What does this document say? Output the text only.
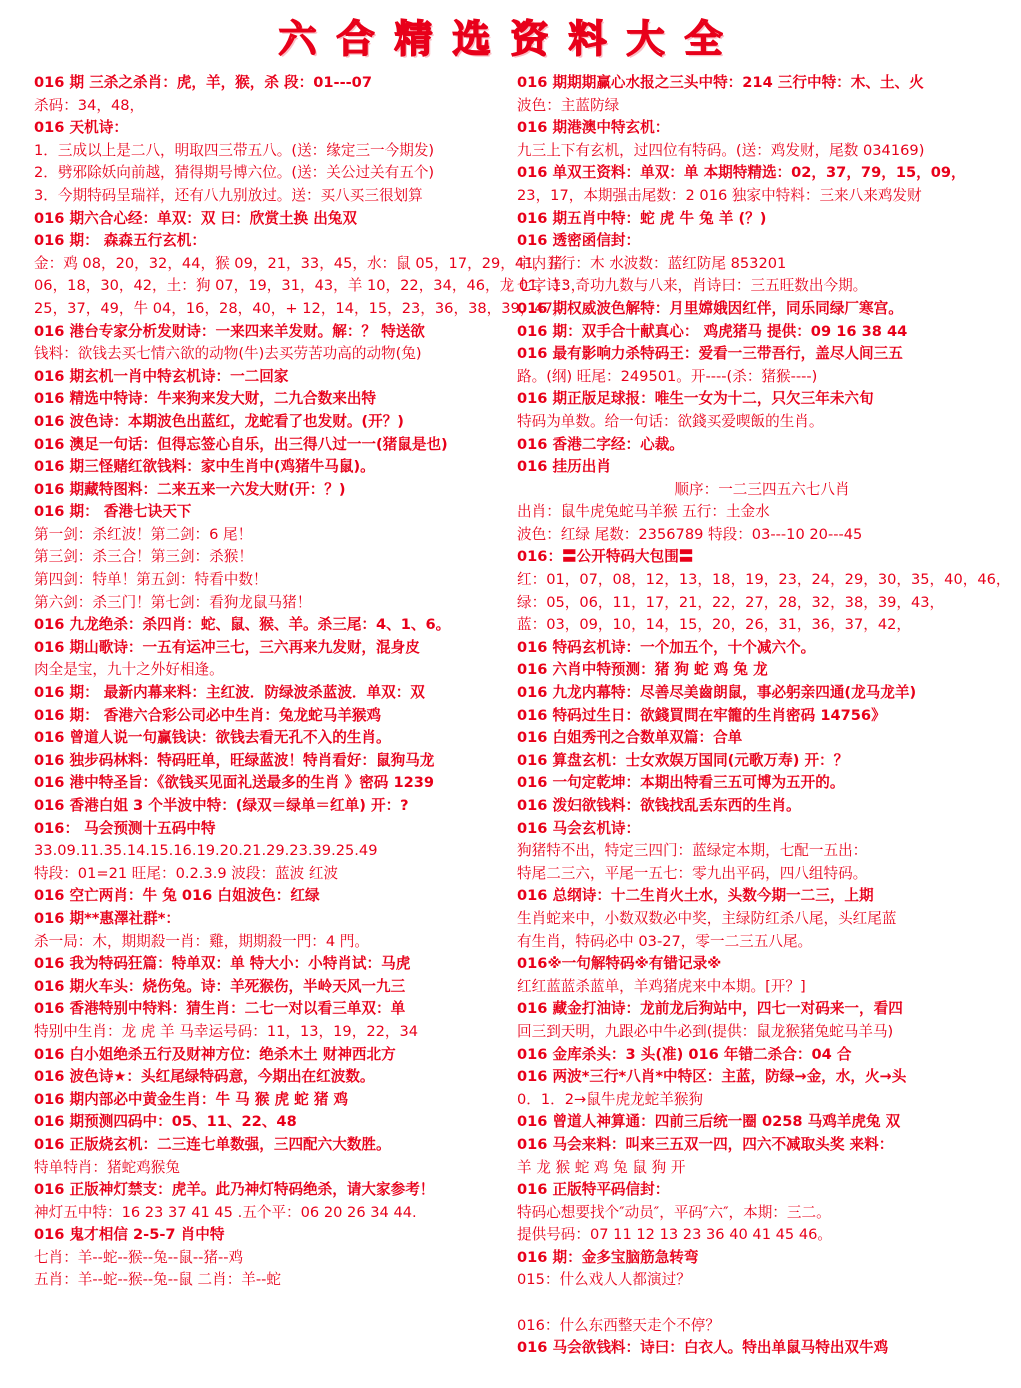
六合精选资料大全
016 期 三杀之杀肖：虎，羊，猴，杀 段：01---07
杀码：34，48，
016 天机诗：
1．三成以上是二八，明取四三带五八。(送：缘定三一今期发)
2．劈邪除妖向前越，猜得期号博六位。(送：关公过关有五个)
3．今期特码呈瑞祥，还有八九别放过。送：买八买三很划算
016 期六合心经：单双：双 曰：欣赏土换 出兔双
016 期： 森森五行玄机：
金：鸡 08，20，32，44，猴 09，21，33，45，水：鼠 05，17，29，41，猪
06，18，30，42，土：狗 07，19，31，43，羊 10，22，34，46，龙 01，13，
25，37，49，牛 04，16，28，40，+ 12，14，15，23，36，38，39，47，
016 港台专家分析发财诗：一来四来羊发财。解：？ 特送欲
钱料：欲钱去买七情六欲的动物(牛)去买劳苦功高的动物(兔)
016 期玄机一肖中特玄机诗：一二回家
016 精选中特诗：牛来狗来发大财，二九合数来出特
016 波色诗：本期波色出蓝红，龙蛇看了也发财。(开？)
016 澳足一句话：但得忘签心自乐，出三得八过一一(猪鼠是也)
016 期三怪赌红欲钱料：家中生肖中(鸡猪牛马鼠)。
016 期藏特图料：二来五来一六发大财(开：？)
016 期： 香港七诀天下
第一剑：杀红波！第二剑：6 尾！
第三剑：杀三合！第三剑：杀猴！
第四剑：特单！第五剑：特看中数！
第六剑：杀三门！第七剑：看狗龙鼠马猪！
016 九龙绝杀：杀四肖：蛇、鼠、猴、羊。杀三尾：4、1、6。
016 期山歌诗：一五有运冲三七，三六再来九发财，混身皮
肉全是宝，九十之外好相逢。
016 期： 最新内幕来料：主红波．防绿波杀蓝波．单双：双
016 期： 香港六合彩公司必中生肖：兔龙蛇马羊猴鸡
016 曾道人说一句赢钱诀：欲钱去看无孔不入的生肖。
016 独步码林料：特码旺单，旺绿蓝波！特肖看好：鼠狗马龙
016 港中特圣旨：《欲钱买见面礼送最多的生肖 》密码 1239
016 香港白姐 3 个半波中特：(绿双＝绿单＝红单) 开：?
016： 马会预测十五码中特
33.09.11.35.14.15.16.19.20.21.29.23.39.25.49
特段：01=21 旺尾：0.2.3.9 波段：蓝波 红波
016 空亡两肖：牛 兔 016 白姐波色：红绿
016 期**惠澤社群*：
杀一局：木，期期殺一肖：雞，期期殺一門：4 門。
016 我为特码狂篇：特单双：单 特大小：小特肖试：马虎
016 期火车头：烧伤兔。诗：羊死猴伤，半岭天风一九三
016 香港特别中特料：猜生肖：二七一对以看三单双：单
特别中生肖：龙 虎 羊 马幸运号码：11，13，19，22，34
016 白小姐绝杀五行及财神方位：绝杀木土 财神西北方
016 波色诗★：头红尾绿特码意，今期出在红波数。
016 期内部必中黄金生肖：牛 马 猴 虎 蛇 猪 鸡
016 期预测四码中：05、11、22、48
016 正版烧玄机：二三连七单数强，三四配六大数胜。
特单特肖：猪蛇鸡猴兔
016 正版神灯禁支：虎羊。此乃神灯特码绝杀，请大家参考！
神灯五中特：16 23 37 41 45 .五个平：06 20 26 34 44.
016 鬼才相信 2-5-7 肖中特
七肖：羊--蛇--猴--兔--鼠--猪--鸡
五肖：羊--蛇--猴--兔--鼠 二肖：羊--蛇
016 期期期赢心水报之三头中特：214 三行中特：木、土、火
波色：主蓝防绿
016 期港澳中特玄机：
九三上下有玄机，过四位有特码。(送：鸡发财，尾数 034169)
016 单双王资料：单双：单 本期特精选：02，37，79，15，09，
23，17，本期强击尾数：2 016 独家中特料：三来八来鸡发财
016 期五肖中特：蛇 虎 牛 兔 羊 (？)
016 透密函信封：
宇内五行：木 水波数：蓝红防尾 853201
七字诗：奇功九数与八来，肖诗曰：三五旺数出今期。
016 期权威波色解特：月里嫦娥因红伴，同乐同绿厂寒宫。
016 期：双手合十献真心： 鸡虎猪马 提供：09 16 38 44
016 最有影响力杀特码王：爱看一三带吾行，盖尽人间三五
路。(纲) 旺尾：249501。开----(杀：猪猴----)
016 期正版足球报：唯生一女为十二，只欠三年未六旬
特码为单数。给一句话：欲錢买爱喫飯的生肖。
016 香港二字经：心裁。
016 挂历出肖
顺序：一二三四五六七八肖
出肖：鼠牛虎兔蛇马羊猴 五行：土金水
波色：红绿 尾数：2356789 特段：03---10 20---45
016：〓公开特码大包围〓
红：01，07，08，12，13，18，19，23，24，29，30，35，40，46，
绿：05，06，11，17，21，22，27，28，32，38，39，43，
蓝：03，09，10，14，15，20，26，31，36，37，42，
016 特码玄机诗：一个加五个，十个减六个。
016 六肖中特预测：猪 狗 蛇 鸡 兔 龙
016 九龙内幕特：尽善尽美齒朗鼠，事必躬亲四通(龙马龙羊)
016 特码过生日：欲錢買問在牢籠的生肖密码 14756》
016 白姐秀刊之合数单双篇：合单
016 算盘玄机：士女欢娱万国同(元歌万寿) 开：？
016 一句定乾坤：本期出特看三五可博为五开的。
016 泼妇欲钱料：欲钱找乱丢东西的生肖。
016 马会玄机诗：
狗猪特不出，特定三四门：蓝绿定本期，七配一五出：
特尾二三六，平尾一五七：零九出平码，四八组特码。
016 总纲诗：十二生肖火土水，头数今期一二三，上期
生肖蛇来中，小数双数必中奖，主绿防红杀八尾，头红尾蓝
有生肖，特码必中 03-27，零一二三五八尾。
016※一句解特码※有错记录※
红红蓝蓝杀蓝单，羊鸡猪虎来中本期。[开？]
016 藏金打油诗：龙前龙后狗站中，四七一对码来一，看四
回三到天明，九跟必中牛必到(提供：鼠龙猴猪兔蛇马羊马)
016 金库杀头：3 头(准) 016 年错二杀合：04 合
016 两波*三行*八肖*中特区：主蓝，防绿→金，水，火→头
0．1．2→鼠牛虎龙蛇羊猴狗
016 曾道人神算通：四前三后统一圈 0258 马鸡羊虎兔 双
016 马会来料：叫来三五双一四，四六不减取头奖 来料：
羊 龙 猴 蛇 鸡 兔 鼠 狗 开
016 正版特平码信封：
特码心想要找个″动员″，平码″六″，本期：三二。
提供号码：07 11 12 13 23 36 40 41 45 46。
016 期：金多宝脑筋急转弯
015：什么戏人人都演过？
016：什么东西整天走个不停？
016 马会欲钱料：诗曰：白衣人。特出单鼠马特出双牛鸡
